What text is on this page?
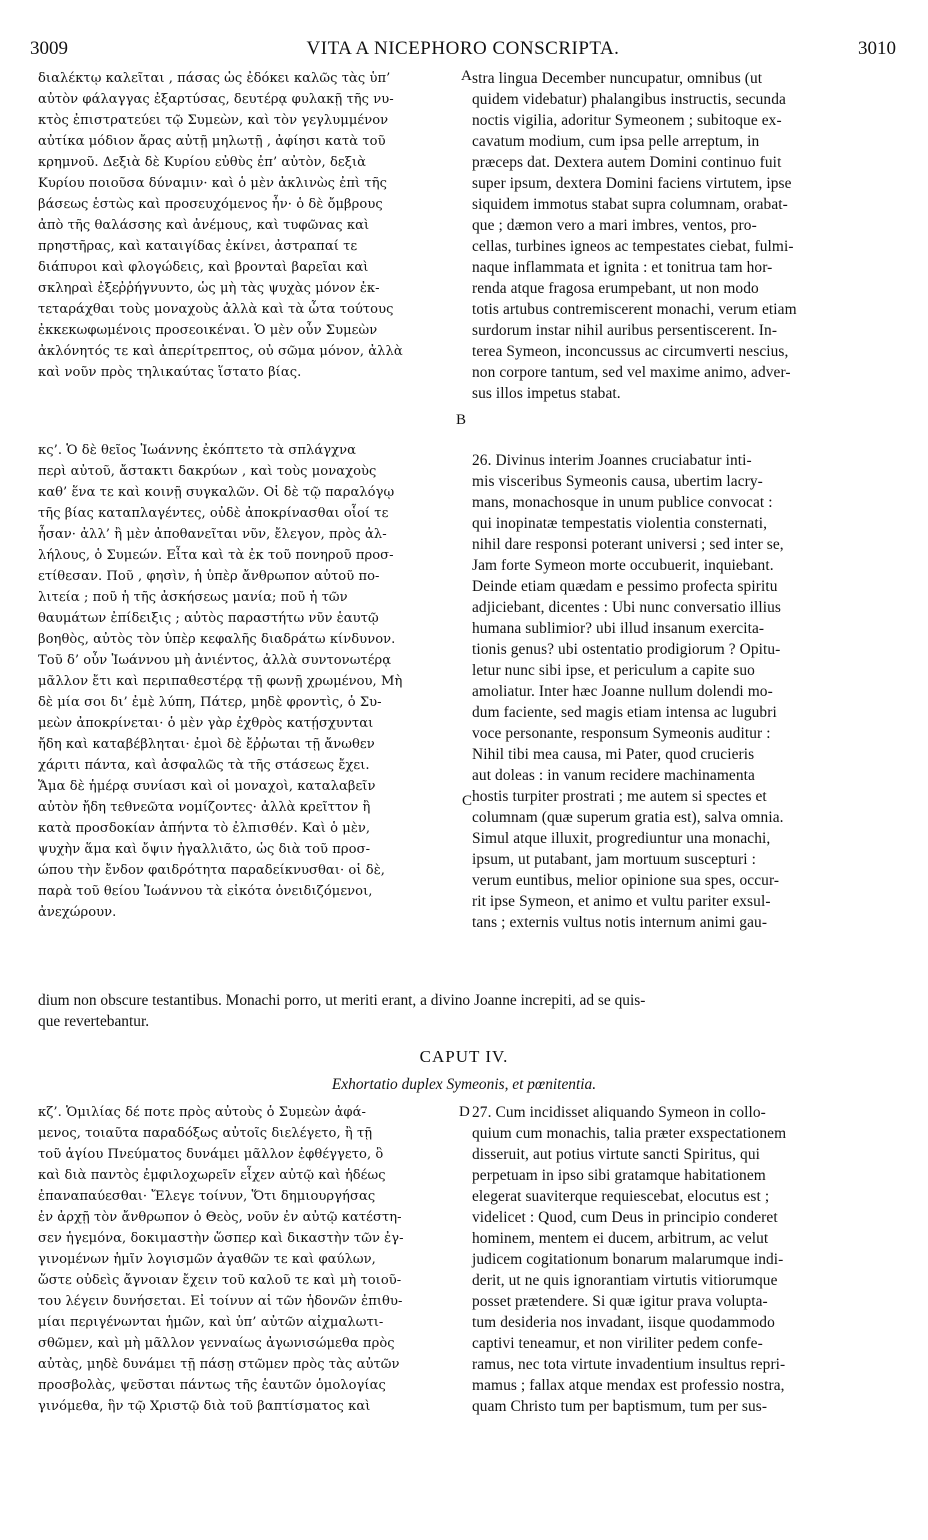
3009	VITA A NICEPHORO CONSCRIPTA.	3010
A
B
C
D
διαλέκτῳ καλεῖται , πάσας ὡς ἐδόκει καλῶς τὰς ὑπ’
αὐτὸν φάλαγγας ἐξαρτύσας, δευτέρᾳ φυλακῇ τῆς νυ-
κτὸς ἐπιστρατεύει τῷ Συμεὼν, καὶ τὸν γεγλυμμένον
αὐτίκα μόδιον ἄρας αὐτῇ μηλωτῇ , ἀφίησι κατὰ τοῦ
κρημνοῦ. Δεξιὰ δὲ Κυρίου εὐθὺς ἐπ’ αὐτὸν, δεξιὰ
Κυρίου ποιοῦσα δύναμιν· καὶ ὁ μὲν ἀκλινὼς ἐπὶ τῆς
βάσεως ἑστὼς καὶ προσευχόμενος ἦν· ὁ δὲ ὄμβρους
ἀπὸ τῆς θαλάσσης καὶ ἀνέμους, καὶ τυφῶνας καὶ
πρηστῆρας, καὶ καταιγίδας ἐκίνει, ἀστραπαί τε
διάπυροι καὶ φλογώδεις, καὶ βρονταὶ βαρεῖαι καὶ
σκληραὶ ἐξεῤῥήγνυντο, ὡς μὴ τὰς ψυχὰς μόνον ἐκ-
τεταράχθαι τοὺς μοναχοὺς ἀλλὰ καὶ τὰ ὦτα τούτους
ἐκκεκωφωμένοις προσεοικέναι. Ὁ μὲν οὖν Συμεὼν
ἀκλόνητός τε καὶ ἀπερίτρεπτος, οὐ σῶμα μόνον, ἀλλὰ
καὶ νοῦν πρὸς τηλικαύτας ἵστατο βίας.
stra lingua December nuncupatur, omnibus (ut
quidem videbatur) phalangibus instructis, secunda
noctis vigilia, adoritur Symeonem ; subitoque ex-
cavatum modium, cum ipsa pelle arreptum, in
præceps dat. Dextera autem Domini continuo fuit
super ipsum, dextera Domini faciens virtutem, ipse
siquidem immotus stabat supra columnam, orabat-
que ; dæmon vero a mari imbres, ventos, pro-
cellas, turbines igneos ac tempestates ciebat, fulmi-
naque inflammata et ignita : et tonitrua tam hor-
renda atque fragosa erumpebant, ut non modo
totis artubus contremiscerent monachi, verum etiam
surdorum instar nihil auribus persentiscerent. In-
terea Symeon, inconcussus ac circumverti nescius,
non corpore tantum, sed vel maxime animo, adver-
sus illos impetus stabat.
κς’. Ὁ δὲ θεῖος Ἰωάννης ἐκόπτετο τὰ σπλάγχνα
περὶ αὐτοῦ, ἄστακτι δακρύων , καὶ τοὺς μοναχοὺς
καθ’ ἕνα τε καὶ κοινῇ συγκαλῶν. Οἱ δὲ τῷ παραλόγῳ
τῆς βίας καταπλαγέντες, οὐδὲ ἀποκρίνασθαι οἷοί τε
ἦσαν· ἀλλ’ ἢ μὲν ἀποθανεῖται νῦν, ἔλεγον, πρὸς ἀλ-
λήλους, ὁ Συμεών. Εἶτα καὶ τὰ ἐκ τοῦ πονηροῦ προσ-
ετίθεσαν. Ποῦ , φησὶν, ἡ ὑπὲρ ἄνθρωπον αὐτοῦ πο-
λιτεία ; ποῦ ἡ τῆς ἀσκήσεως μανία; ποῦ ἡ τῶν
θαυμάτων ἐπίδειξις ; αὐτὸς παραστήτω νῦν ἑαυτῷ
βοηθὸς, αὐτὸς τὸν ὑπὲρ κεφαλῆς διαδράτω κίνδυνον.
Τοῦ δ’ οὖν Ἰωάννου μὴ ἀνιέντος, ἀλλὰ συντονωτέρᾳ
μᾶλλον ἔτι καὶ περιπαθεστέρᾳ τῇ φωνῇ χρωμένου, Μὴ
δὲ μία σοι δι’ ἐμὲ λύπη, Πάτερ, μηδὲ φροντὶς, ὁ Συ-
μεὼν ἀποκρίνεται· ὁ μὲν γὰρ ἐχθρὸς κατῄσχυνται
ἤδη καὶ καταβέβληται· ἐμοὶ δὲ ἔῤῥωται τῇ ἄνωθεν
χάριτι πάντα, καὶ ἀσφαλῶς τὰ τῆς στάσεως ἔχει.
Ἅμα δὲ ἡμέρᾳ συνίασι καὶ οἱ μοναχοὶ, καταλαβεῖν
αὐτὸν ἤδη τεθνεῶτα νομίζοντες· ἀλλὰ κρεῖττον ἢ
κατὰ προσδοκίαν ἀπήντα τὸ ἐλπισθέν. Καὶ ὁ μὲν,
ψυχὴν ἅμα καὶ ὄψιν ἠγαλλιᾶτο, ὡς διὰ τοῦ προσ-
ώπου τὴν ἔνδον φαιδρότητα παραδείκνυσθαι· οἱ δὲ,
παρὰ τοῦ θείου Ἰωάννου τὰ εἰκότα ὀνειδιζόμενοι,
ἀνεχώρουν.
26. Divinus interim Joannes cruciabatur inti-
mis visceribus Symeonis causa, ubertim lacry-
mans, monachosque in unum publice convocat :
qui inopinatæ tempestatis violentia consternati,
nihil dare responsi poterant universi ; sed inter se,
Jam forte Symeon morte occubuerit, inquiebant.
Deinde etiam quædam e pessimo profecta spiritu
adjiciebant, dicentes : Ubi nunc conversatio illius
humana sublimior? ubi illud insanum exercita-
tionis genus? ubi ostentatio prodigiorum ? Opitu-
letur nunc sibi ipse, et periculum a capite suo
amoliatur. Inter hæc Joanne nullum dolendi mo-
dum faciente, sed magis etiam intensa ac lugubri
voce personante, responsum Symeonis auditur :
Nihil tibi mea causa, mi Pater, quod crucieris
aut doleas : in vanum recidere machinamenta
hostis turpiter prostrati ; me autem si spectes et
columnam (quæ superum gratia est), salva omnia.
Simul atque illuxit, progrediuntur una monachi,
ipsum, ut putabant, jam mortuum suscepturi :
verum euntibus, melior opinione sua spes, occur-
rit ipse Symeon, et animo et vultu pariter exsul-
tans ; externis vultus notis internum animi gau-
dium non obscure testantibus. Monachi porro, ut meriti erant, a divino Joanne increpiti, ad se quis-
que revertebantur.
CAPUT IV.
Exhortatio duplex Symeonis, et pœnitentia.
κζ’. Ὁμιλίας δέ ποτε πρὸς αὐτοὺς ὁ Συμεὼν ἀφά-
μενος, τοιαῦτα παραδόξως αὐτοῖς διελέγετο, ἢ τῇ
τοῦ ἁγίου Πνεύματος δυνάμει μᾶλλον ἐφθέγγετο, ὃ
καὶ διὰ παντὸς ἐμφιλοχωρεῖν εἶχεν αὐτῷ καὶ ἡδέως
ἐπαναπαύεσθαι· Ἔλεγε τοίνυν, Ὅτι δημιουργήσας
ἐν ἀρχῇ τὸν ἄνθρωπον ὁ Θεὸς, νοῦν ἐν αὐτῷ κατέστη-
σεν ἡγεμόνα, δοκιμαστὴν ὥσπερ καὶ δικαστὴν τῶν ἐγ-
γινομένων ἡμῖν λογισμῶν ἀγαθῶν τε καὶ φαύλων,
ὥστε οὐδεὶς ἄγνοιαν ἔχειν τοῦ καλοῦ τε καὶ μὴ τοιοῦ-
του λέγειν δυνήσεται. Εἰ τοίνυν αἱ τῶν ἡδονῶν ἐπιθυ-
μίαι περιγένωνται ἡμῶν, καὶ ὑπ’ αὐτῶν αἰχμαλωτι-
σθῶμεν, καὶ μὴ μᾶλλον γενναίως ἀγωνισώμεθα πρὸς
αὐτὰς, μηδὲ δυνάμει τῇ πάσῃ στῶμεν πρὸς τὰς αὐτῶν
προσβολὰς, ψεῦσται πάντως τῆς ἑαυτῶν ὁμολογίας
γινόμεθα, ἣν τῷ Χριστῷ διὰ τοῦ βαπτίσματος καὶ
27. Cum incidisset aliquando Symeon in collo-
quium cum monachis, talia præter exspectationem
disseruit, aut potius virtute sancti Spiritus, qui
perpetuam in ipso sibi gratamque habitationem
elegerat suaviterque requiescebat, elocutus est ;
videlicet : Quod, cum Deus in principio conderet
hominem, mentem ei ducem, arbitrum, ac velut
judicem cogitationum bonarum malarumque indi-
derit, ut ne quis ignorantiam virtutis vitiorumque
posset prætendere. Si quæ igitur prava volupta-
tum desideria nos invadant, iisque quodammodo
captivi teneamur, et non viriliter pedem confe-
ramus, nec tota virtute invadentium insultus repri-
mamus ; fallax atque mendax est professio nostra,
quam Christo tum per baptismum, tum per sus-
